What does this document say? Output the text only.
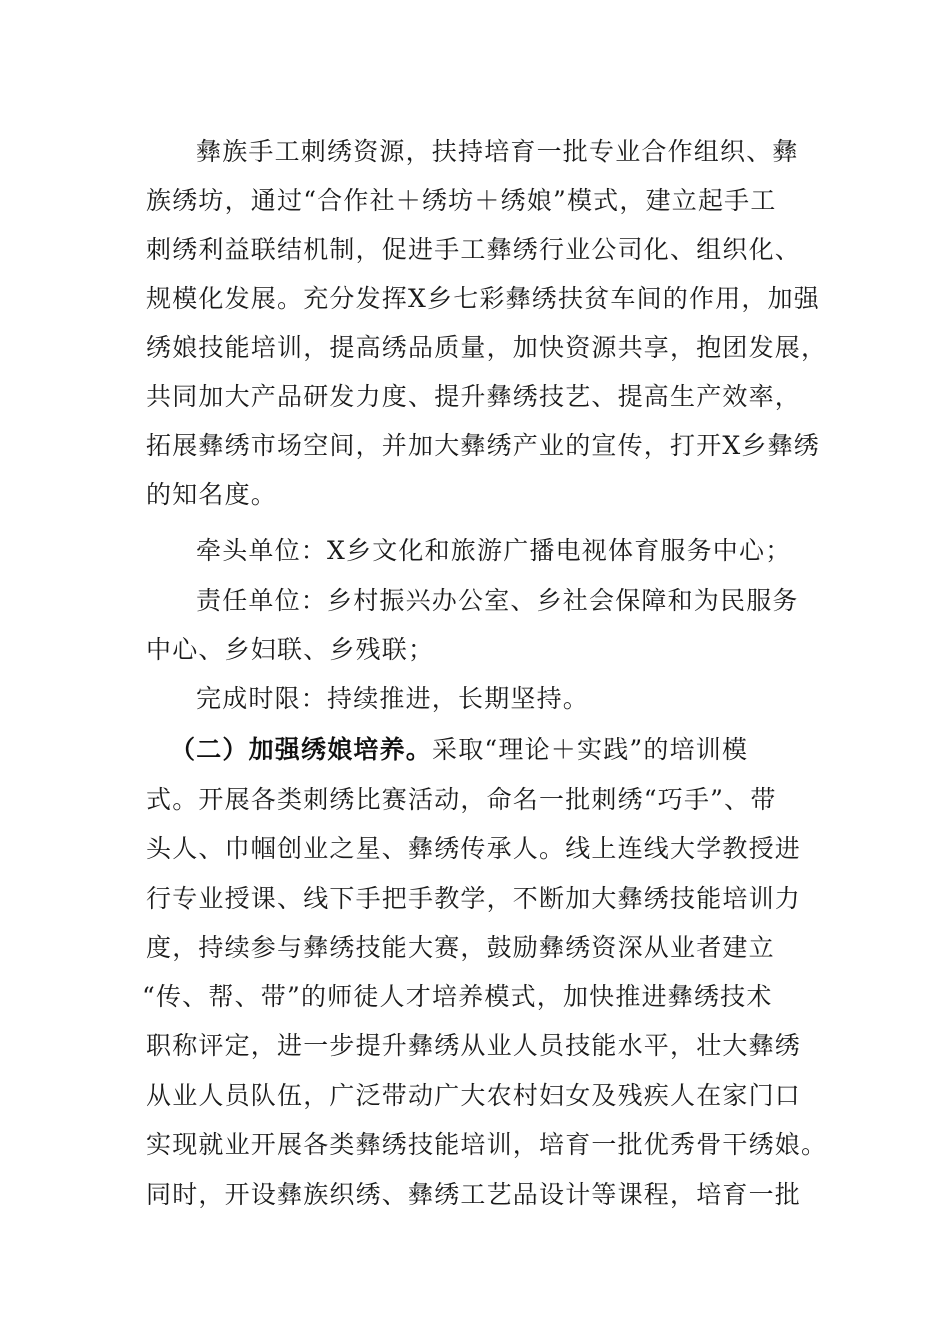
彝族手工刺绣资源，扶持培育一批专业合作组织、彝
族绣坊，通过“合作社＋绣坊＋绣娘”模式，建立起手工
刺绣利益联结机制，促进手工彝绣行业公司化、组织化、
规模化发展。充分发挥X乡七彩彝绣扶贫车间的作用，加强
绣娘技能培训，提高绣品质量，加快资源共享，抱团发展，
共同加大产品研发力度、提升彝绣技艺、提高生产效率，
拓展彝绣市场空间，并加大彝绣产业的宣传，打开X乡彝绣
的知名度。
牵头单位：X乡文化和旅游广播电视体育服务中心；
责任单位：乡村振兴办公室、乡社会保障和为民服务
中心、乡妇联、乡残联；
完成时限：持续推进，长期坚持。
（二）加强绣娘培养。采取“理论＋实践”的培训模
式。开展各类刺绣比赛活动，命名一批刺绣“巧手”、带
头人、巾帼创业之星、彝绣传承人。线上连线大学教授进
行专业授课、线下手把手教学，不断加大彝绣技能培训力
度，持续参与彝绣技能大赛，鼓励彝绣资深从业者建立
“传、帮、带”的师徒人才培养模式，加快推进彝绣技术
职称评定，进一步提升彝绣从业人员技能水平，壮大彝绣
从业人员队伍，广泛带动广大农村妇女及残疾人在家门口
实现就业开展各类彝绣技能培训，培育一批优秀骨干绣娘。
同时，开设彝族织绣、彝绣工艺品设计等课程，培育一批
